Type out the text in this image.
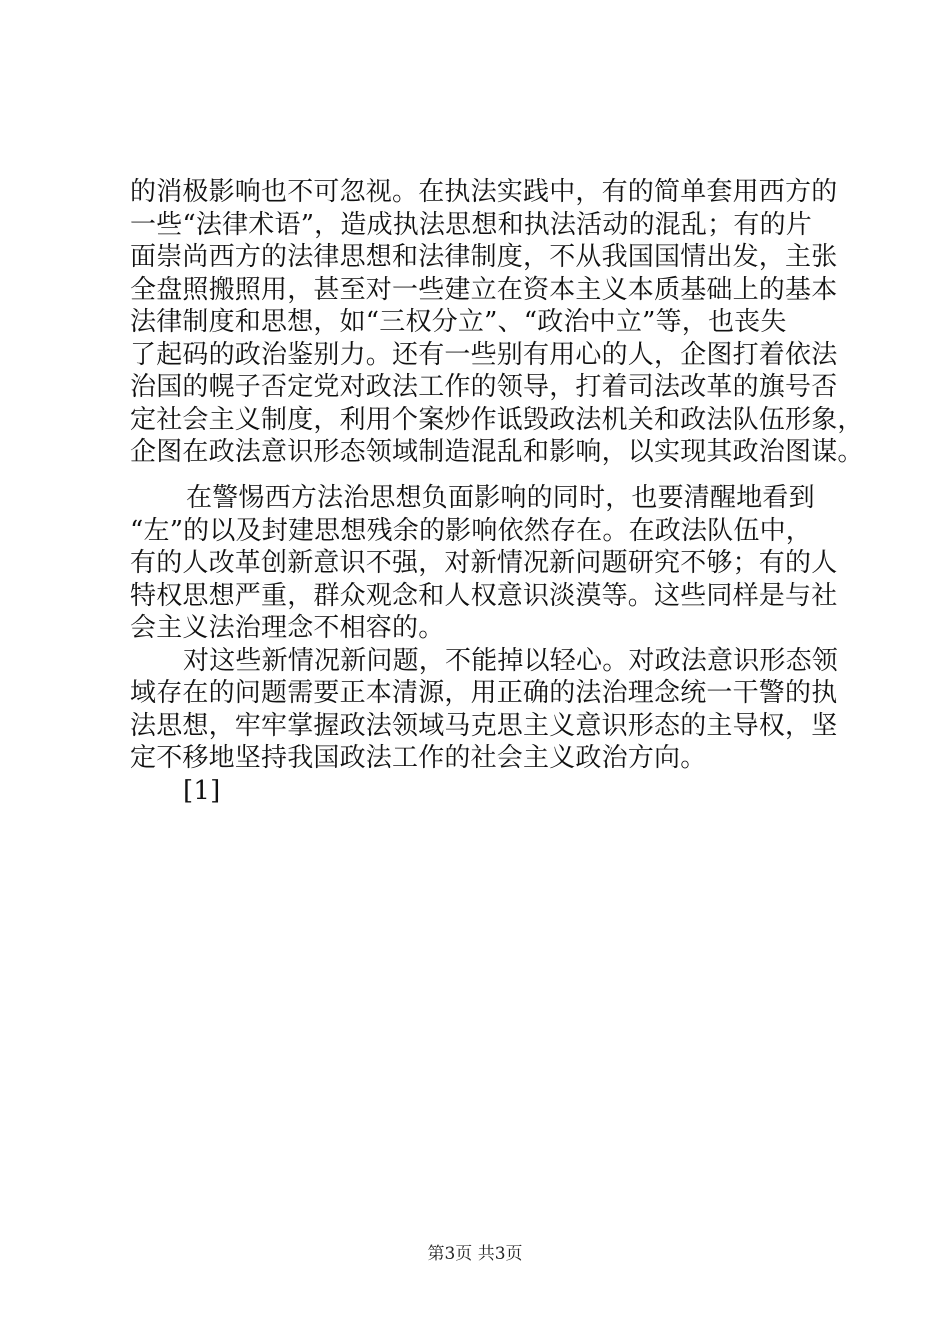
的消极影响也不可忽视。在执法实践中，有的简单套用西方的
一些“法律术语”，造成执法思想和执法活动的混乱；有的片
面崇尚西方的法律思想和法律制度，不从我国国情出发，主张
全盘照搬照用，甚至对一些建立在资本主义本质基础上的基本
法律制度和思想，如“三权分立”、“政治中立”等，也丧失
了起码的政治鉴别力。还有一些别有用心的人，企图打着依法
治国的幌子否定党对政法工作的领导，打着司法改革的旗号否
定社会主义制度，利用个案炒作诋毁政法机关和政法队伍形象，
企图在政法意识形态领域制造混乱和影响，以实现其政治图谋。
在警惕西方法治思想负面影响的同时，也要清醒地看到
“左”的以及封建思想残余的影响依然存在。在政法队伍中，
有的人改革创新意识不强，对新情况新问题研究不够；有的人
特权思想严重，群众观念和人权意识淡漠等。这些同样是与社
会主义法治理念不相容的。
对这些新情况新问题，不能掉以轻心。对政法意识形态领
域存在的问题需要正本清源，用正确的法治理念统一干警的执
法思想，牢牢掌握政法领域马克思主义意识形态的主导权，坚
定不移地坚持我国政法工作的社会主义政治方向。
[1]
第3页 共3页
